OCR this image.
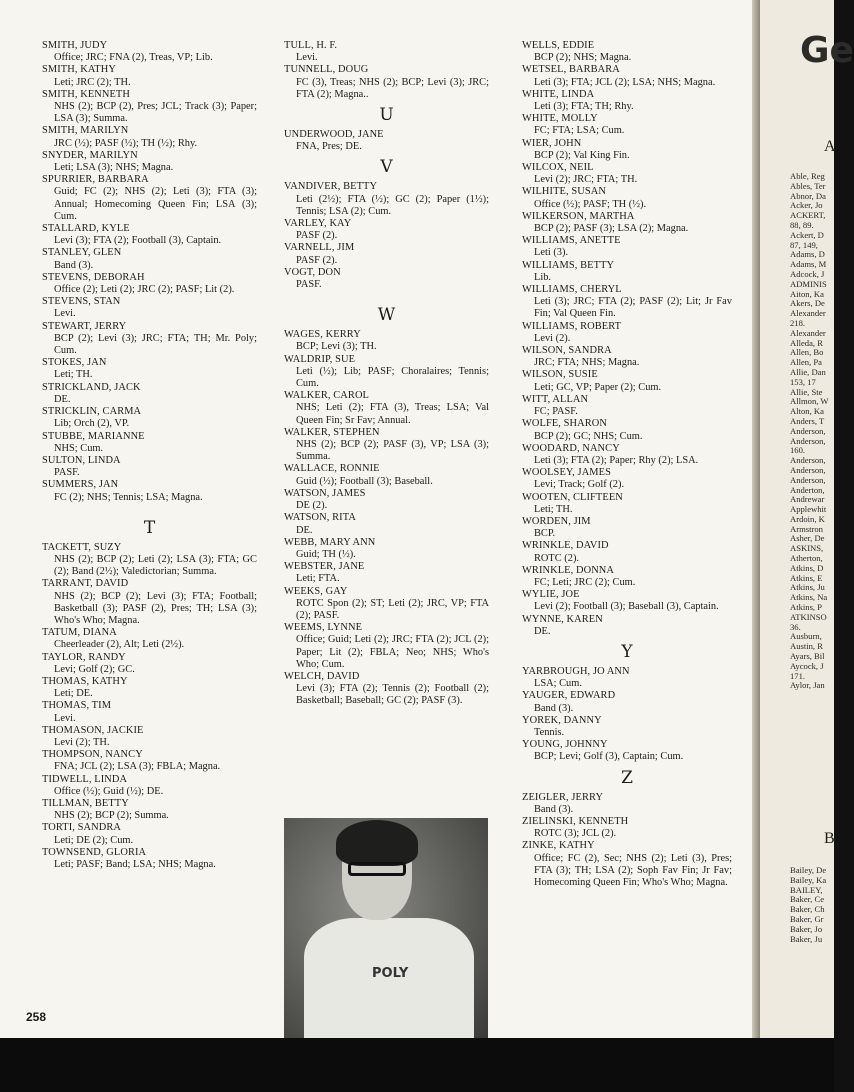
SMITH, JUDY
Office; JRC; FNA (2), Treas, VP; Lib.
SMITH, KATHY
Leti; JRC (2); TH.
SMITH, KENNETH
NHS (2); BCP (2), Pres; JCL; Track (3); Paper; LSA (3); Summa.
SMITH, MARILYN
JRC (½); PASF (½); TH (½); Rhy.
SNYDER, MARILYN
Leti; LSA (3); NHS; Magna.
SPURRIER, BARBARA
Guid; FC (2); NHS (2); Leti (3); FTA (3); Annual; Homecoming Queen Fin; LSA (3); Cum.
STALLARD, KYLE
Levi (3); FTA (2); Football (3), Captain.
STANLEY, GLEN
Band (3).
STEVENS, DEBORAH
Office (2); Leti (2); JRC (2); PASF; Lit (2).
STEVENS, STAN
Levi.
STEWART, JERRY
BCP (2); Levi (3); JRC; FTA; TH; Mr. Poly; Cum.
STOKES, JAN
Leti; TH.
STRICKLAND, JACK
DE.
STRICKLIN, CARMA
Lib; Orch (2), VP.
STUBBE, MARIANNE
NHS; Cum.
SULTON, LINDA
PASF.
SUMMERS, JAN
FC (2); NHS; Tennis; LSA; Magna.
T
TACKETT, SUZY
NHS (2); BCP (2); Leti (2); LSA (3); FTA; GC (2); Band (2½); Valedictorian; Summa.
TARRANT, DAVID
NHS (2); BCP (2); Levi (3); FTA; Football; Basketball (3); PASF (2), Pres; TH; LSA (3); Who's Who; Magna.
TATUM, DIANA
Cheerleader (2), Alt; Leti (2½).
TAYLOR, RANDY
Levi; Golf (2); GC.
THOMAS, KATHY
Leti; DE.
THOMAS, TIM
Levi.
THOMASON, JACKIE
Levi (2); TH.
THOMPSON, NANCY
FNA; JCL (2); LSA (3); FBLA; Magna.
TIDWELL, LINDA
Office (½); Guid (½); DE.
TILLMAN, BETTY
NHS (2); BCP (2); Summa.
TORTI, SANDRA
Leti; DE (2); Cum.
TOWNSEND, GLORIA
Leti; PASF; Band; LSA; NHS; Magna.
TULL, H. F.
Levi.
TUNNELL, DOUG
FC (3), Treas; NHS (2); BCP; Levi (3); JRC; FTA (2); Magna..
U
UNDERWOOD, JANE
FNA, Pres; DE.
V
VANDIVER, BETTY
Leti (2½); FTA (½); GC (2); Paper (1½); Tennis; LSA (2); Cum.
VARLEY, KAY
PASF (2).
VARNELL, JIM
PASF (2).
VOGT, DON
PASF.
W
WAGES, KERRY
BCP; Levi (3); TH.
WALDRIP, SUE
Leti (½); Lib; PASF; Choralaires; Tennis; Cum.
WALKER, CAROL
NHS; Leti (2); FTA (3), Treas; LSA; Val Queen Fin; Sr Fav; Annual.
WALKER, STEPHEN
NHS (2); BCP (2); PASF (3), VP; LSA (3); Summa.
WALLACE, RONNIE
Guid (½); Football (3); Baseball.
WATSON, JAMES
DE (2).
WATSON, RITA
DE.
WEBB, MARY ANN
Guid; TH (½).
WEBSTER, JANE
Leti; FTA.
WEEKS, GAY
ROTC Spon (2); ST; Leti (2); JRC, VP; FTA (2); PASF.
WEEMS, LYNNE
Office; Guid; Leti (2); JRC; FTA (2); JCL (2); Paper; Lit (2); FBLA; Neo; NHS; Who's Who; Cum.
WELCH, DAVID
Levi (3); FTA (2); Tennis (2); Football (2); Basketball; Baseball; GC (2); PASF (3).
WELLS, EDDIE
BCP (2); NHS; Magna.
WETSEL, BARBARA
Leti (3); FTA; JCL (2); LSA; NHS; Magna.
WHITE, LINDA
Leti (3); FTA; TH; Rhy.
WHITE, MOLLY
FC; FTA; LSA; Cum.
WIER, JOHN
BCP (2); Val King Fin.
WILCOX, NEIL
Levi (2); JRC; FTA; TH.
WILHITE, SUSAN
Office (½); PASF; TH (½).
WILKERSON, MARTHA
BCP (2); PASF (3); LSA (2); Magna.
WILLIAMS, ANETTE
Leti (3).
WILLIAMS, BETTY
Lib.
WILLIAMS, CHERYL
Leti (3); JRC; FTA (2); PASF (2); Lit; Jr Fav Fin; Val Queen Fin.
WILLIAMS, ROBERT
Levi (2).
WILSON, SANDRA
JRC; FTA; NHS; Magna.
WILSON, SUSIE
Leti; GC, VP; Paper (2); Cum.
WITT, ALLAN
FC; PASF.
WOLFE, SHARON
BCP (2); GC; NHS; Cum.
WOODARD, NANCY
Leti (3); FTA (2); Paper; Rhy (2); LSA.
WOOLSEY, JAMES
Levi; Track; Golf (2).
WOOTEN, CLIFTEEN
Leti; TH.
WORDEN, JIM
BCP.
WRINKLE, DAVID
ROTC (2).
WRINKLE, DONNA
FC; Leti; JRC (2); Cum.
WYLIE, JOE
Levi (2); Football (3); Baseball (3), Captain.
WYNNE, KAREN
DE.
Y
YARBROUGH, JO ANN
LSA; Cum.
YAUGER, EDWARD
Band (3).
YOREK, DANNY
Tennis.
YOUNG, JOHNNY
BCP; Levi; Golf (3), Captain; Cum.
Z
ZEIGLER, JERRY
Band (3).
ZIELINSKI, KENNETH
ROTC (3); JCL (2).
ZINKE, KATHY
Office; FC (2), Sec; NHS (2); Leti (3), Pres; FTA (3); TH; LSA (2); Soph Fav Fin; Jr Fav; Homecoming Queen Fin; Who's Who; Magna.
POLY
258
Ge
A
Able, Reg
Ables, Ter
Abnor, Da
Acker, Jo
ACKERT,
88, 89.
Ackert, D
87, 149,
Adams, D
Adams, M
Adcock, J
ADMINIS
Aiton, Ka
Akers, De
Alexander
218.
Alexander
Alleda, R
Allen, Bo
Allen, Pa
Allie, Dan
153, 17
Allie, Ste
Allmon, W
Alton, Ka
Anders, T
Anderson,
Anderson,
160.
Anderson,
Anderson,
Anderson,
Anderton,
Andrewar
Applewhit
Ardoin, K
Armstron
Asher, De
ASKINS,
Atherton,
Atkins, D
Atkins, E
Atkins, Ju
Atkins, Na
Atkins, P
ATKINSO
36.
Ausburn,
Austin, R
Ayars, Bil
Aycock, J
171.
Aylor, Jan
B
Bailey, De
Bailey, Ka
BAILEY,
Baker, Ce
Baker, Ch
Baker, Gr
Baker, Jo
Baker, Ju
